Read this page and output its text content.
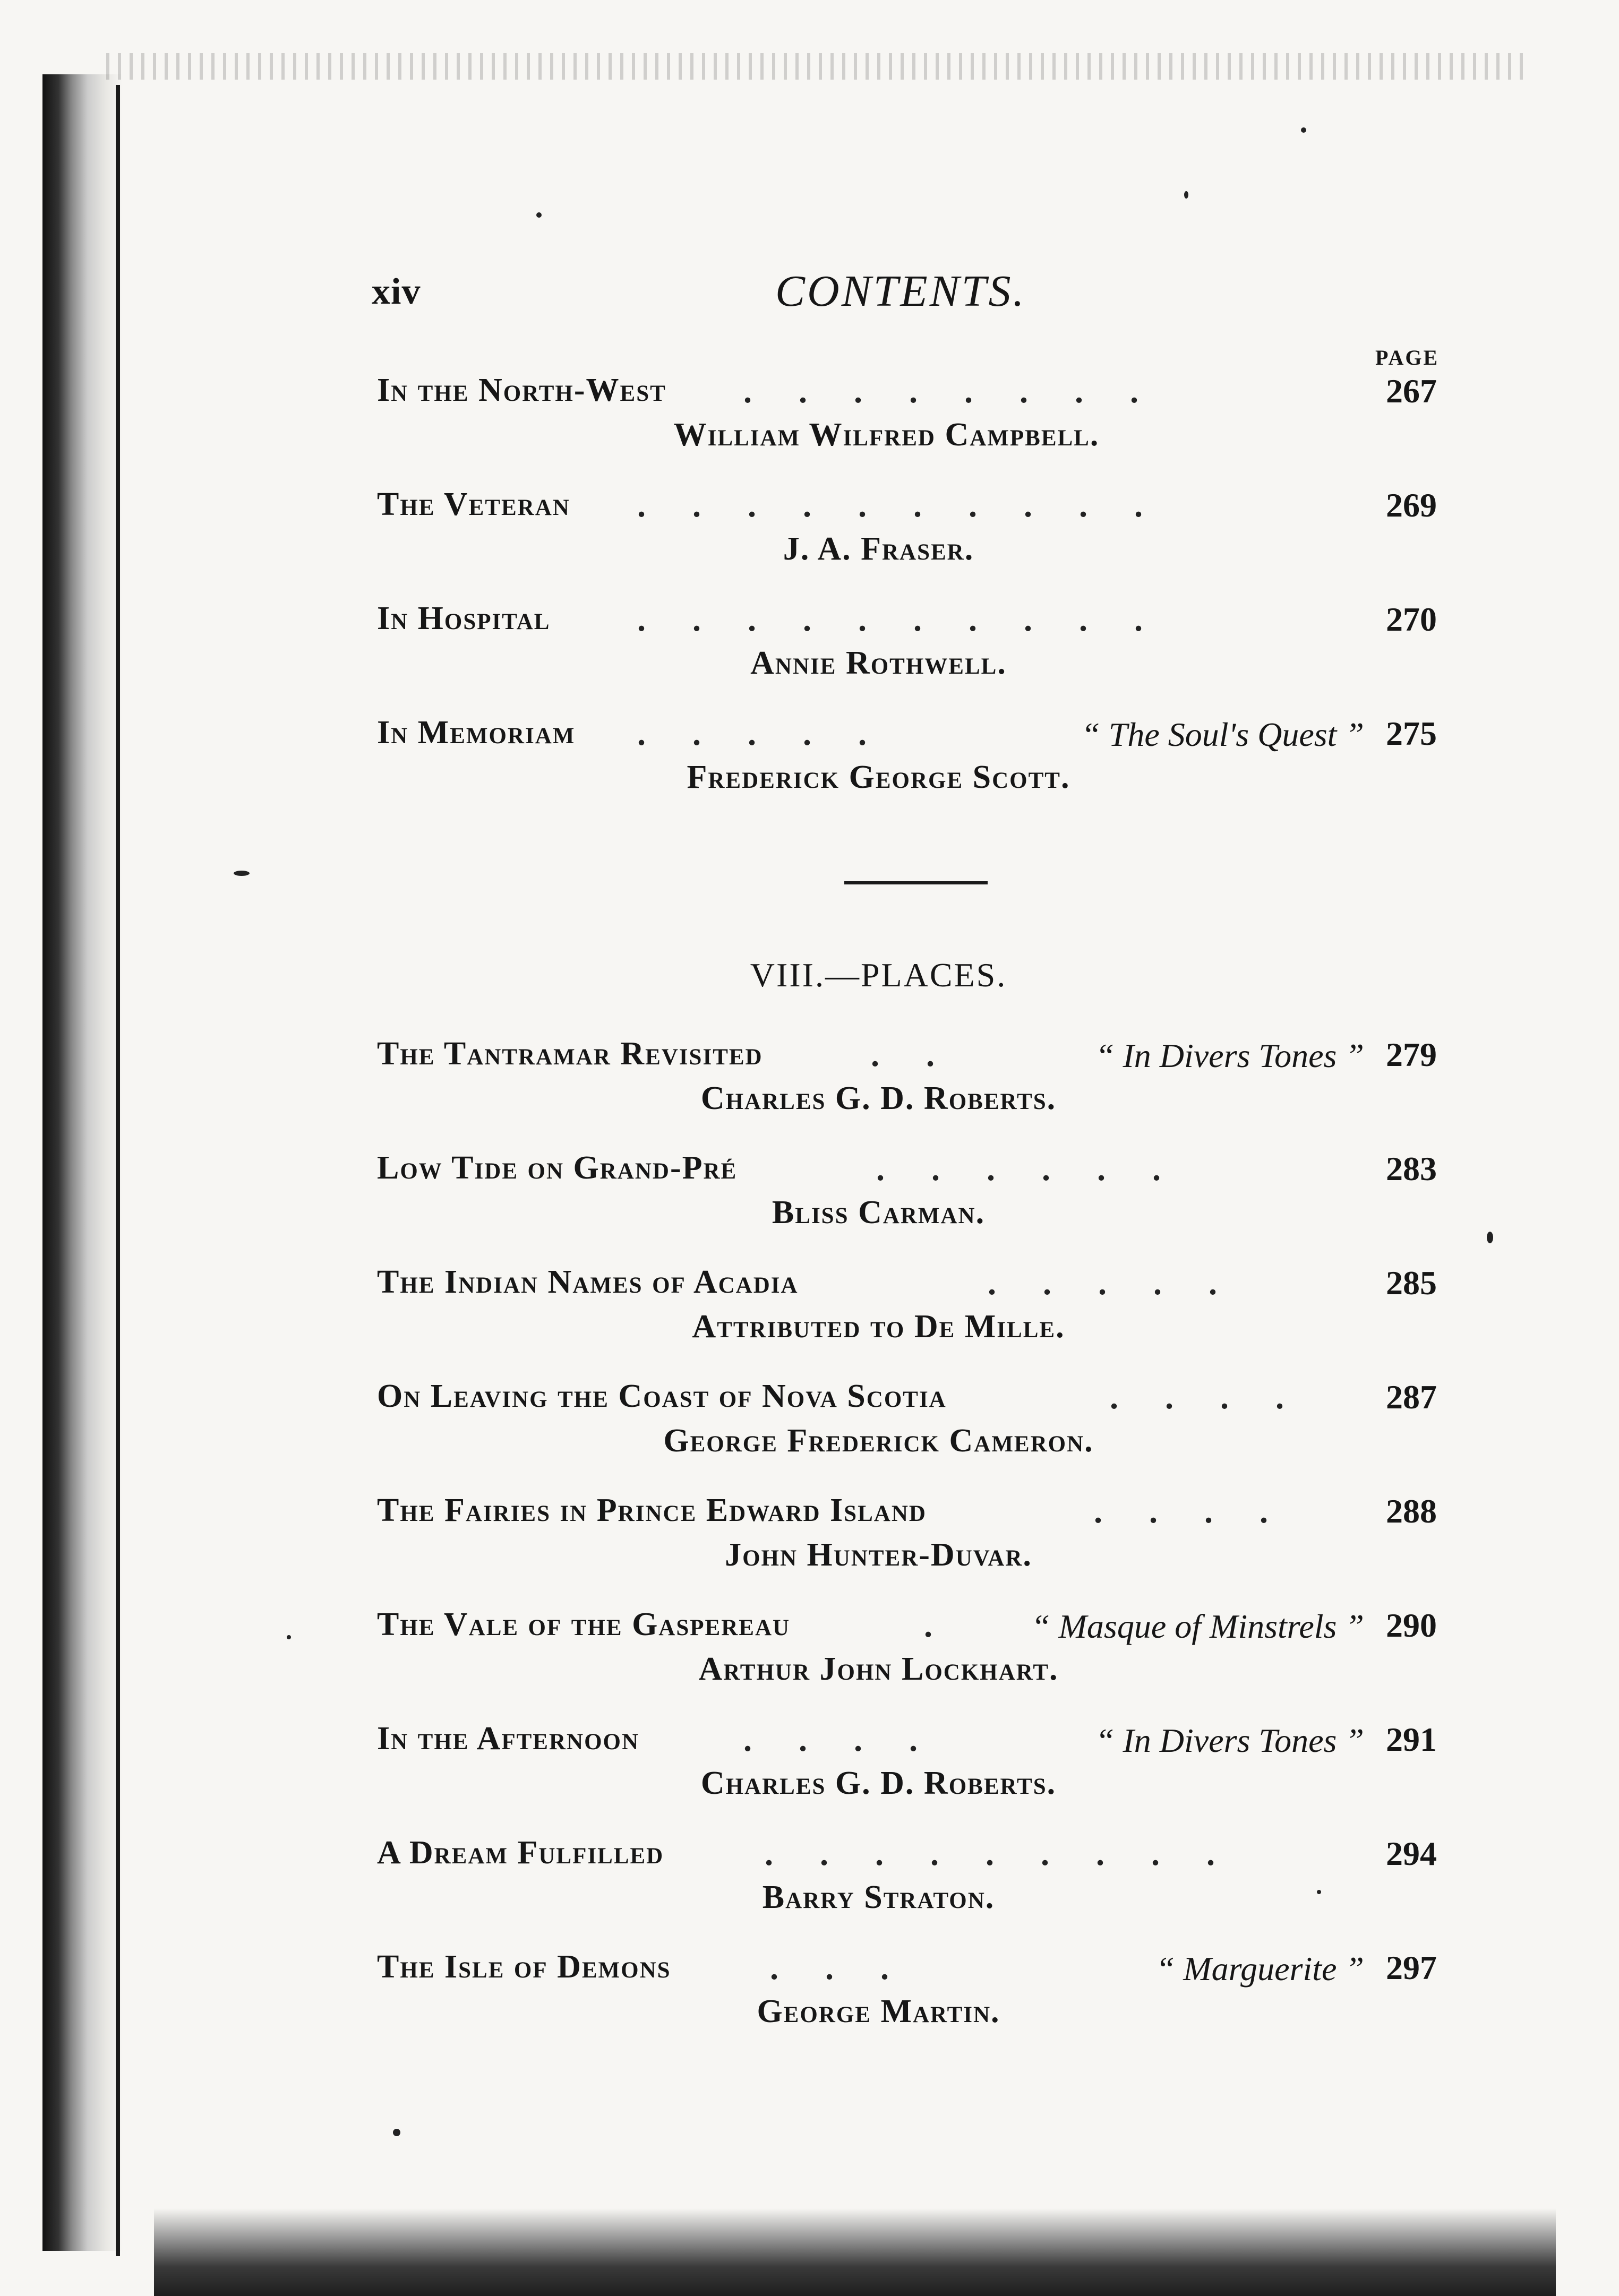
xiv	CONTENTS.
PAGE
In the North-West ........	267
William Wilfred Campbell.
The Veteran ..........	269
J. A. Fraser.
In Hospital	..........	270
Annie Rothwell.
In Memoriam .....	“ The Soul's Quest ” 275
Frederick George Scott.
VIII.—PLACES.
The Tantramar Revisited	..	“ In Divers Tones ” 279
Charles G. D. Roberts.
Low Tide on Grand-Pré	......	283
Bliss Carman.
The Indian Names of Acadia	.....	285
Attributed to De Mille.
On Leaving the Coast of Nova Scotia	.... 287
George Frederick Cameron.
The Fairies in Prince Edward Island	.... 288
John Hunter-Duvar.
The Vale of the Gaspereau	. “ Masque of Minstrels ” 290
Arthur John Lockhart.
In the Afternoon	....	“ In Divers Tones ” 291
Charles G. D. Roberts.
A Dream Fulfilled	.........	294
Barry Straton.
The Isle of Demons	...	“ Marguerite ” 297
George Martin.
